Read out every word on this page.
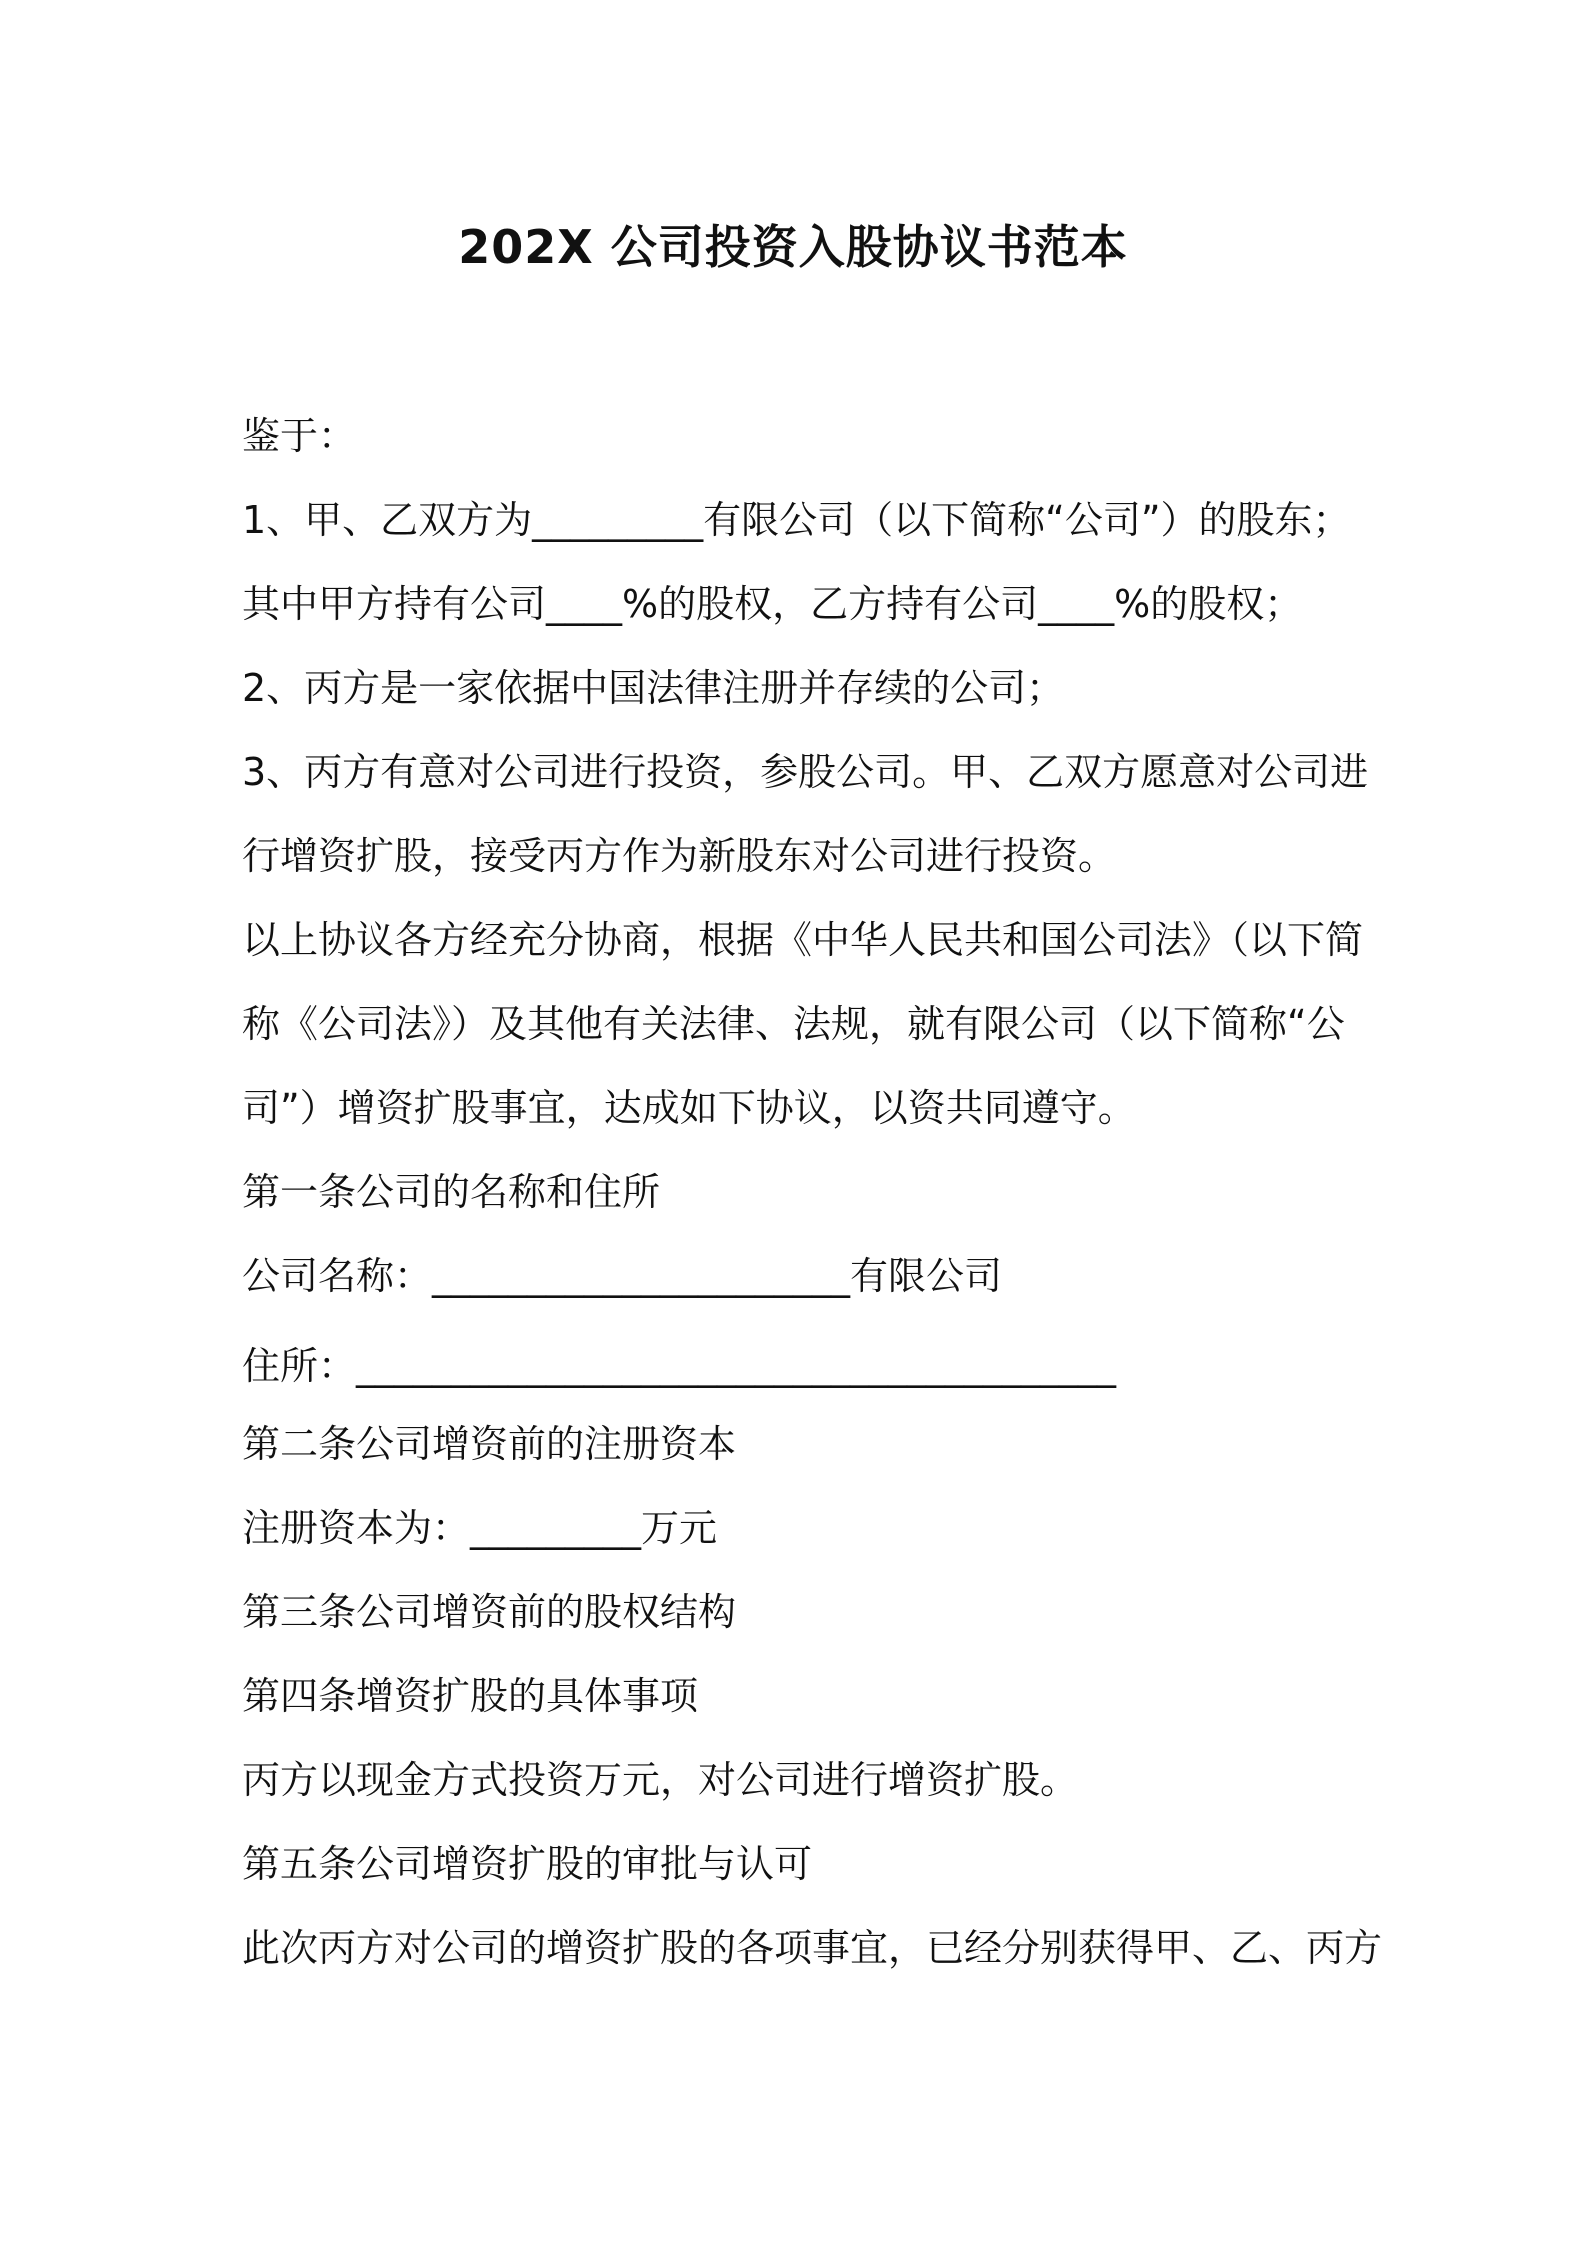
202X 公司投资入股协议书范本
鉴于：
1、甲、乙双方为_________有限公司（以下简称“公司”）的股东；
其中甲方持有公司____%的股权，乙方持有公司____%的股权；
2、丙方是一家依据中国法律注册并存续的公司；
3、丙方有意对公司进行投资，参股公司。甲、乙双方愿意对公司进
行增资扩股，接受丙方作为新股东对公司进行投资。
以上协议各方经充分协商，根据《中华人民共和国公司法》（以下简
称《公司法》）及其他有关法律、法规，就有限公司（以下简称“公
司”）增资扩股事宜，达成如下协议，以资共同遵守。
第一条公司的名称和住所
公司名称：______________________有限公司
住所：________________________________________
第二条公司增资前的注册资本
注册资本为：_________万元
第三条公司增资前的股权结构
第四条增资扩股的具体事项
丙方以现金方式投资万元，对公司进行增资扩股。
第五条公司增资扩股的审批与认可
此次丙方对公司的增资扩股的各项事宜，已经分别获得甲、乙、丙方
